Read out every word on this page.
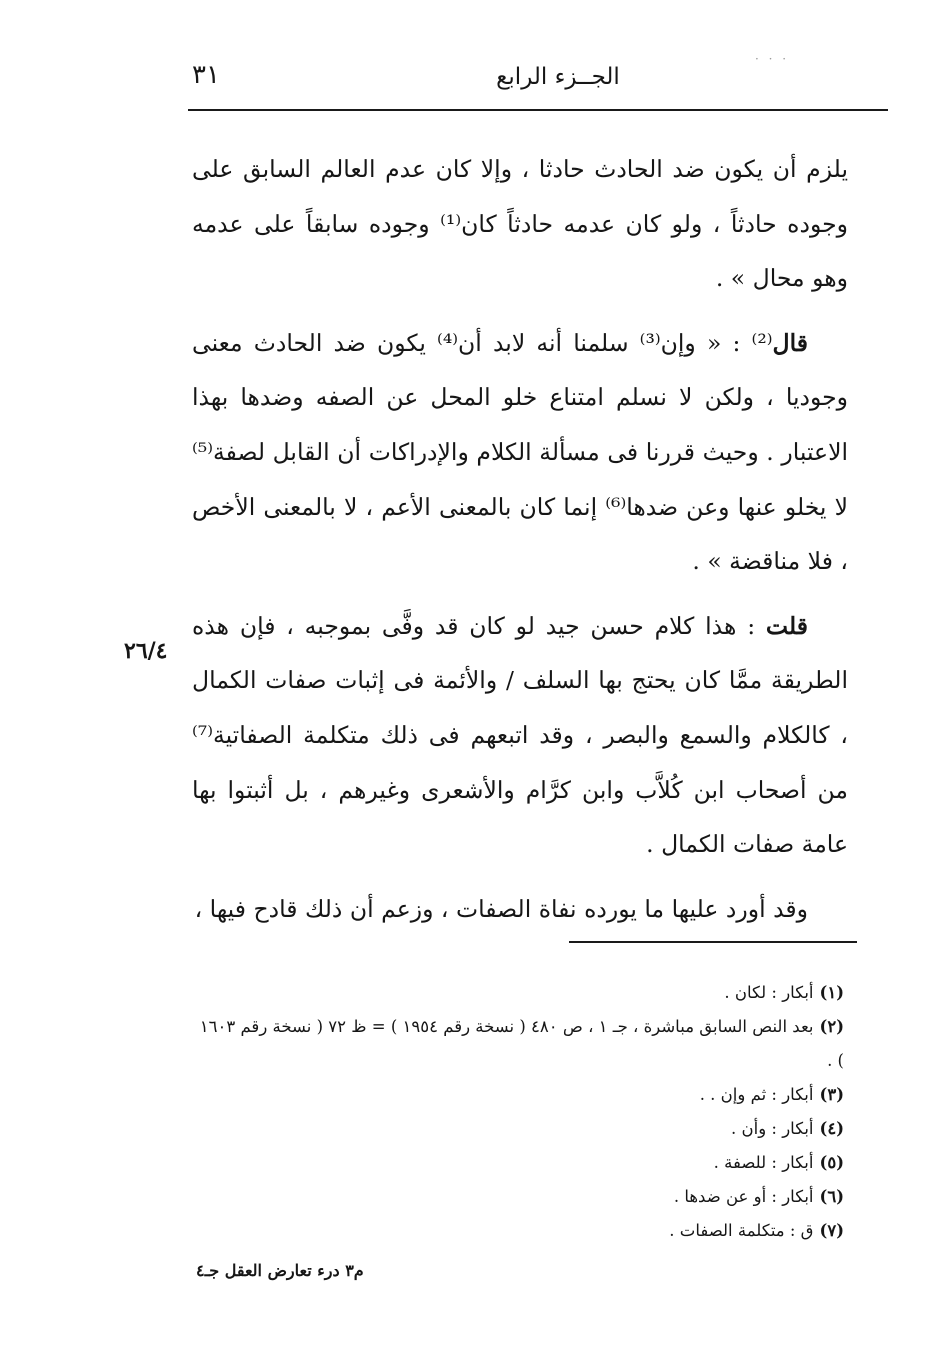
· · ·
٣١	الجــزء الرابع

يلزم أن يكون ضد الحادث حادثا ، وإلا كان عدم العالم السابق على وجوده حادثاً ، ولو كان عدمه حادثاً كان⁽¹⁾ وجوده سابقاً على عدمه وهو محال » .

قال⁽²⁾ : « وإن⁽³⁾ سلمنا أنه لابد أن⁽⁴⁾ يكون ضد الحادث معنى وجوديا ، ولكن لا نسلم امتناع خلو المحل عن الصفه وضدها بهذا الاعتبار . وحيث قررنا فى مسألة الكلام والإدراكات أن القابل لصفة⁽⁵⁾ لا يخلو عنها وعن ضدها⁽⁶⁾ إنما كان بالمعنى الأعم ، لا بالمعنى الأخص ، فلا مناقضة » .

قلت : هذا كلام حسن جيد لو كان قد وفَّى بموجبه ، فإن هذه الطريقة ممَّا كان يحتج بها السلف / والأئمة فى إثبات صفات الكمال ، كالكلام والسمع والبصر ، وقد اتبعهم فى ذلك متكلمة الصفاتية⁽⁷⁾ من أصحاب ابن كُلاَّب وابن كرَّام والأشعرى وغيرهم ، بل أثبتوا بها عامة صفات الكمال .

وقد أورد عليها ما يورده نفاة الصفات ، وزعم أن ذلك قادح فيها ،

٢٦/٤

(١)أبكار : لكان .

(٢)بعد النص السابق مباشرة ، جـ ١ ، ص ٤٨٠ ( نسخة رقم ١٩٥٤ ) = ظ ٧٢ ( نسخة رقم ١٦٠٣ ) .

(٣)أبكار : ثم وإن . .

(٤)أبكار : وأن .

(٥)أبكار : للصفة .

(٦)أبكار : أو عن ضدها .

(٧)ق : متكلمة الصفات .

م٣ درء تعارض العقل جـ٤
